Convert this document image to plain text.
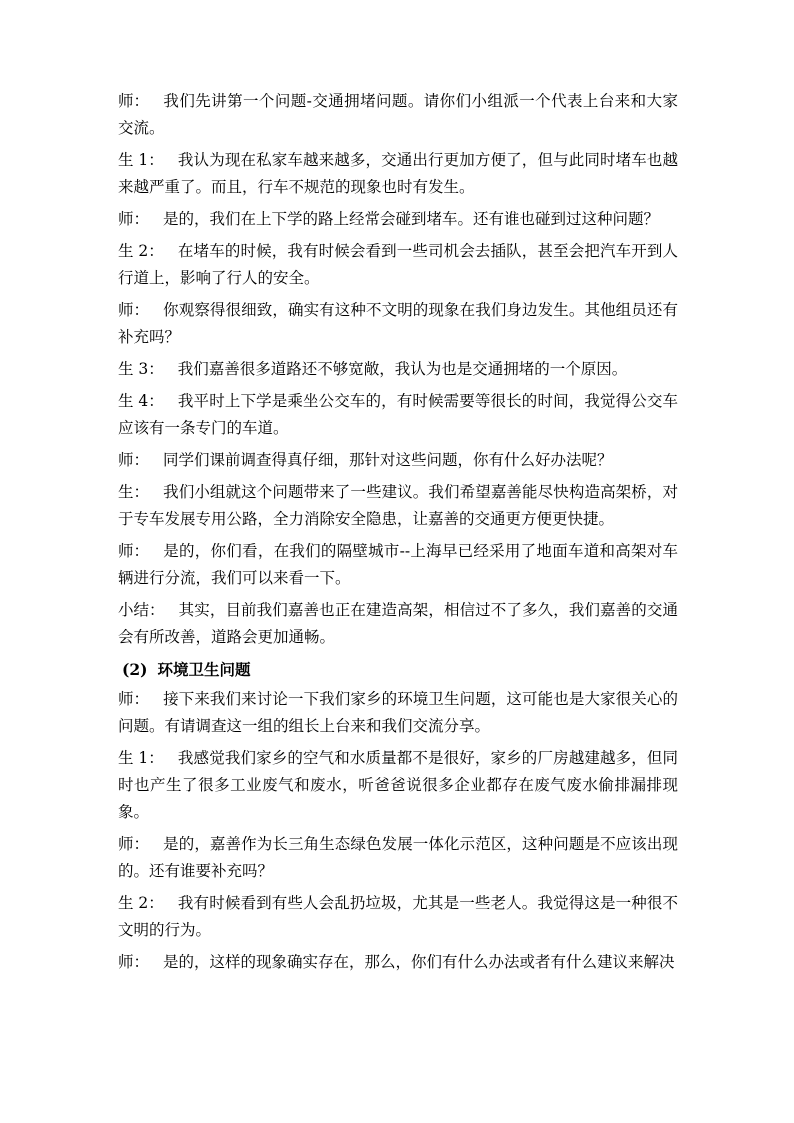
师： 我们先讲第一个问题-交通拥堵问题。请你们小组派一个代表上台来和大家交流。

生 1： 我认为现在私家车越来越多，交通出行更加方便了，但与此同时堵车也越来越严重了。而且，行车不规范的现象也时有发生。

师： 是的，我们在上下学的路上经常会碰到堵车。还有谁也碰到过这种问题？

生 2： 在堵车的时候，我有时候会看到一些司机会去插队，甚至会把汽车开到人行道上，影响了行人的安全。

师： 你观察得很细致，确实有这种不文明的现象在我们身边发生。其他组员还有补充吗？

生 3： 我们嘉善很多道路还不够宽敞，我认为也是交通拥堵的一个原因。

生 4： 我平时上下学是乘坐公交车的，有时候需要等很长的时间，我觉得公交车应该有一条专门的车道。

师： 同学们课前调查得真仔细，那针对这些问题，你有什么好办法呢？

生： 我们小组就这个问题带来了一些建议。我们希望嘉善能尽快构造高架桥，对于专车发展专用公路，全力消除安全隐患，让嘉善的交通更方便更快捷。

师： 是的，你们看，在我们的隔壁城市--上海早已经采用了地面车道和高架对车辆进行分流，我们可以来看一下。

小结： 其实，目前我们嘉善也正在建造高架，相信过不了多久，我们嘉善的交通会有所改善，道路会更加通畅。

(2) 环境卫生问题

师： 接下来我们来讨论一下我们家乡的环境卫生问题，这可能也是大家很关心的问题。有请调查这一组的组长上台来和我们交流分享。

生 1： 我感觉我们家乡的空气和水质量都不是很好，家乡的厂房越建越多，但同时也产生了很多工业废气和废水，听爸爸说很多企业都存在废气废水偷排漏排现象。

师： 是的，嘉善作为长三角生态绿色发展一体化示范区，这种问题是不应该出现的。还有谁要补充吗？

生 2： 我有时候看到有些人会乱扔垃圾，尤其是一些老人。我觉得这是一种很不文明的行为。

师： 是的，这样的现象确实存在，那么，你们有什么办法或者有什么建议来解决
